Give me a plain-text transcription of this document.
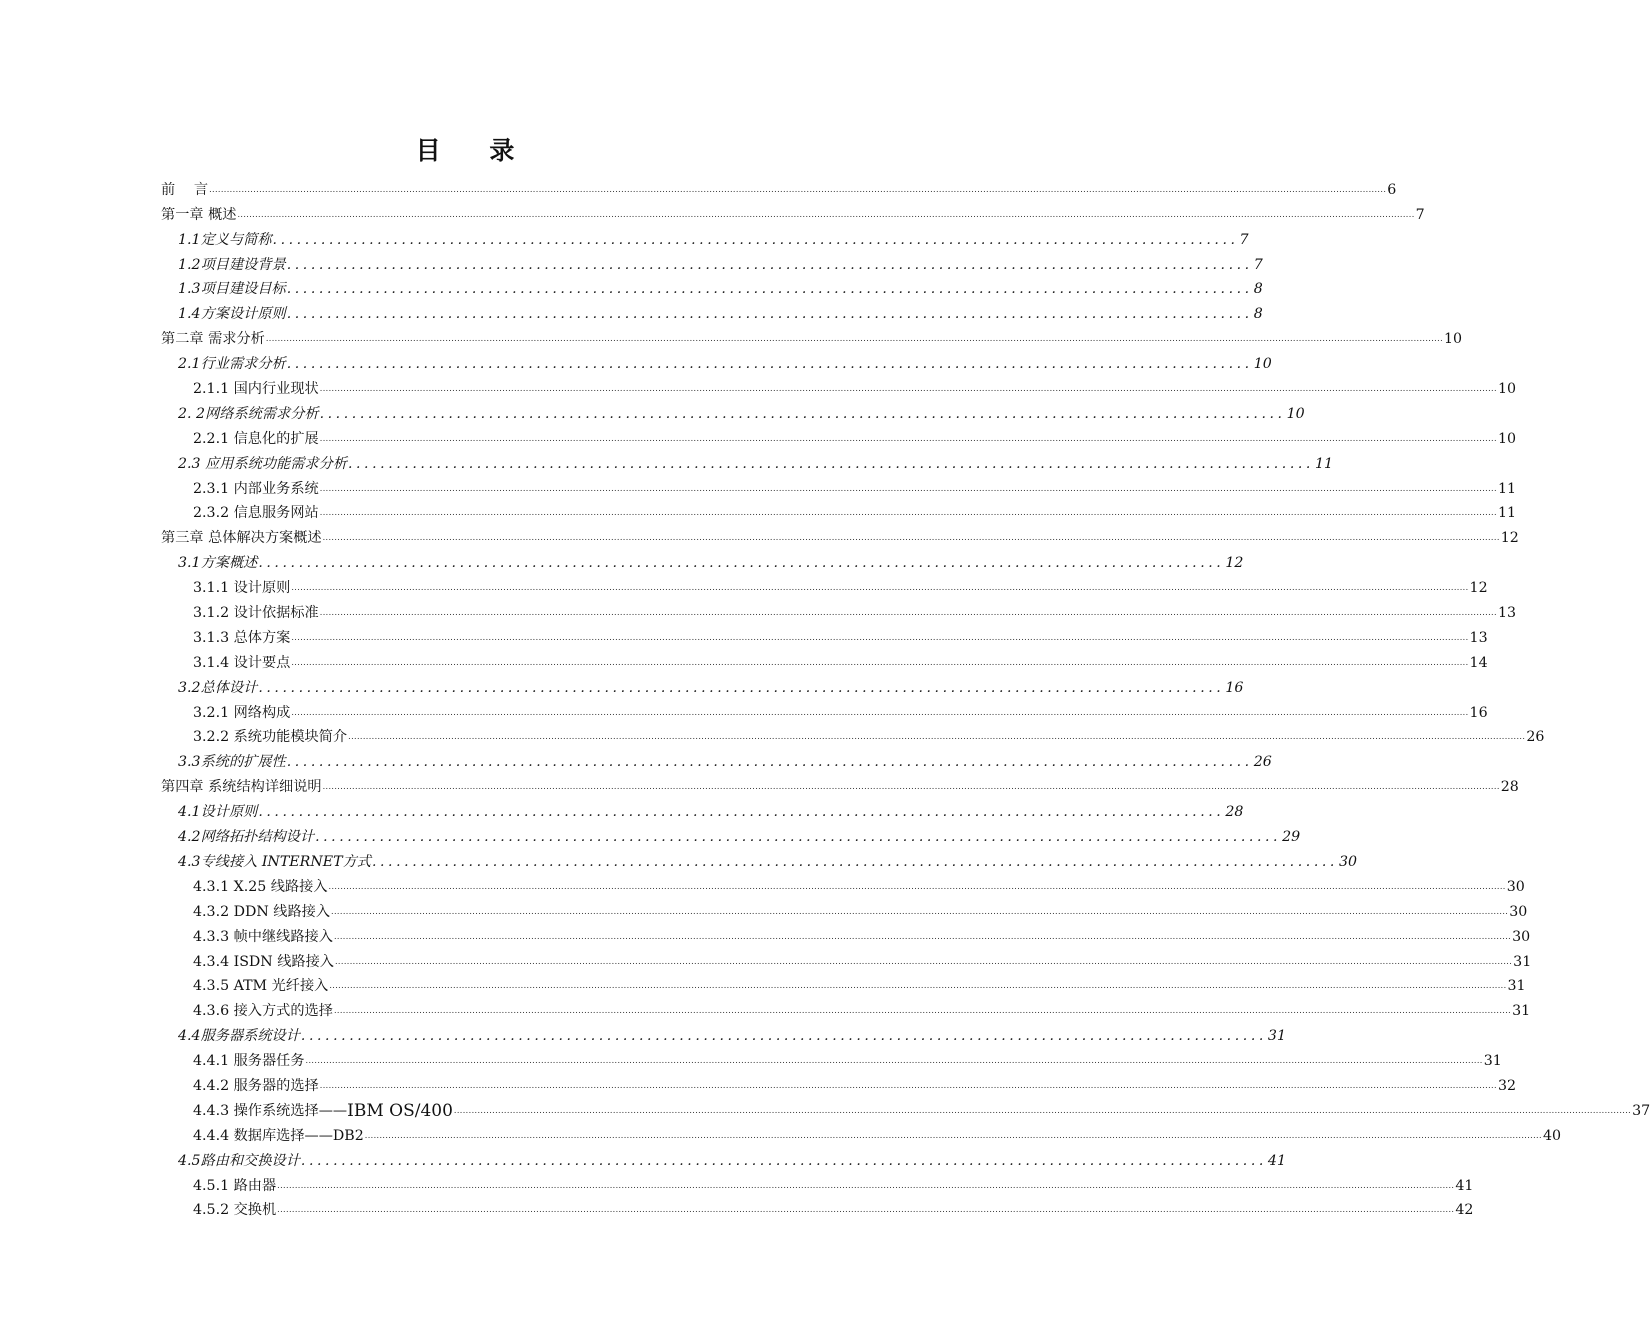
目 录
前　 言 ................................................................................................................................................................................................................................................................................................................................................................................................................ 6
第一章 概述 ................................................................................................................................................................................................................................................................................................................................................................................................................ 7
1.1定义与简称 ........................................................................................................................ 7
1.2项目建设背景 ........................................................................................................................ 7
1.3项目建设目标 ........................................................................................................................ 8
1.4方案设计原则 ........................................................................................................................ 8
第二章 需求分析 ................................................................................................................................................................................................................................................................................................................................................................................................................ 10
2.1行业需求分析 ........................................................................................................................ 10
2.1.1 国内行业现状 ................................................................................................................................................................................................................................................................................................................................................................................................................ 10
2. 2网络系统需求分析 ........................................................................................................................ 10
2.2.1 信息化的扩展 ................................................................................................................................................................................................................................................................................................................................................................................................................ 10
2.3 应用系统功能需求分析 ........................................................................................................................ 11
2.3.1 内部业务系统 ................................................................................................................................................................................................................................................................................................................................................................................................................ 11
2.3.2 信息服务网站 ................................................................................................................................................................................................................................................................................................................................................................................................................ 11
第三章 总体解决方案概述 ................................................................................................................................................................................................................................................................................................................................................................................................................ 12
3.1方案概述 ........................................................................................................................ 12
3.1.1 设计原则 ................................................................................................................................................................................................................................................................................................................................................................................................................ 12
3.1.2 设计依据标准 ................................................................................................................................................................................................................................................................................................................................................................................................................ 13
3.1.3 总体方案 ................................................................................................................................................................................................................................................................................................................................................................................................................ 13
3.1.4 设计要点 ................................................................................................................................................................................................................................................................................................................................................................................................................ 14
3.2总体设计 ........................................................................................................................ 16
3.2.1 网络构成 ................................................................................................................................................................................................................................................................................................................................................................................................................ 16
3.2.2 系统功能模块简介 ................................................................................................................................................................................................................................................................................................................................................................................................................ 26
3.3系统的扩展性 ........................................................................................................................ 26
第四章 系统结构详细说明 ................................................................................................................................................................................................................................................................................................................................................................................................................ 28
4.1设计原则 ........................................................................................................................ 28
4.2网络拓扑结构设计 ........................................................................................................................ 29
4.3专线接入 INTERNET方式 ........................................................................................................................ 30
4.3.1 X.25 线路接入 ................................................................................................................................................................................................................................................................................................................................................................................................................ 30
4.3.2 DDN 线路接入 ................................................................................................................................................................................................................................................................................................................................................................................................................ 30
4.3.3 帧中继线路接入 ................................................................................................................................................................................................................................................................................................................................................................................................................ 30
4.3.4 ISDN 线路接入 ................................................................................................................................................................................................................................................................................................................................................................................................................ 31
4.3.5 ATM 光纤接入 ................................................................................................................................................................................................................................................................................................................................................................................................................ 31
4.3.6 接入方式的选择 ................................................................................................................................................................................................................................................................................................................................................................................................................ 31
4.4服务器系统设计 ........................................................................................................................ 31
4.4.1 服务器任务 ................................................................................................................................................................................................................................................................................................................................................................................................................ 31
4.4.2 服务器的选择 ................................................................................................................................................................................................................................................................................................................................................................................................................ 32
4.4.3 操作系统选择—— IBM OS/400 ................................................................................................................................................................................................................................................................................................................................................................................................................ 37
4.4.4 数据库选择——DB2 ................................................................................................................................................................................................................................................................................................................................................................................................................ 40
4.5路由和交换设计 ........................................................................................................................ 41
4.5.1 路由器 ................................................................................................................................................................................................................................................................................................................................................................................................................ 41
4.5.2 交换机 ................................................................................................................................................................................................................................................................................................................................................................................................................ 42
